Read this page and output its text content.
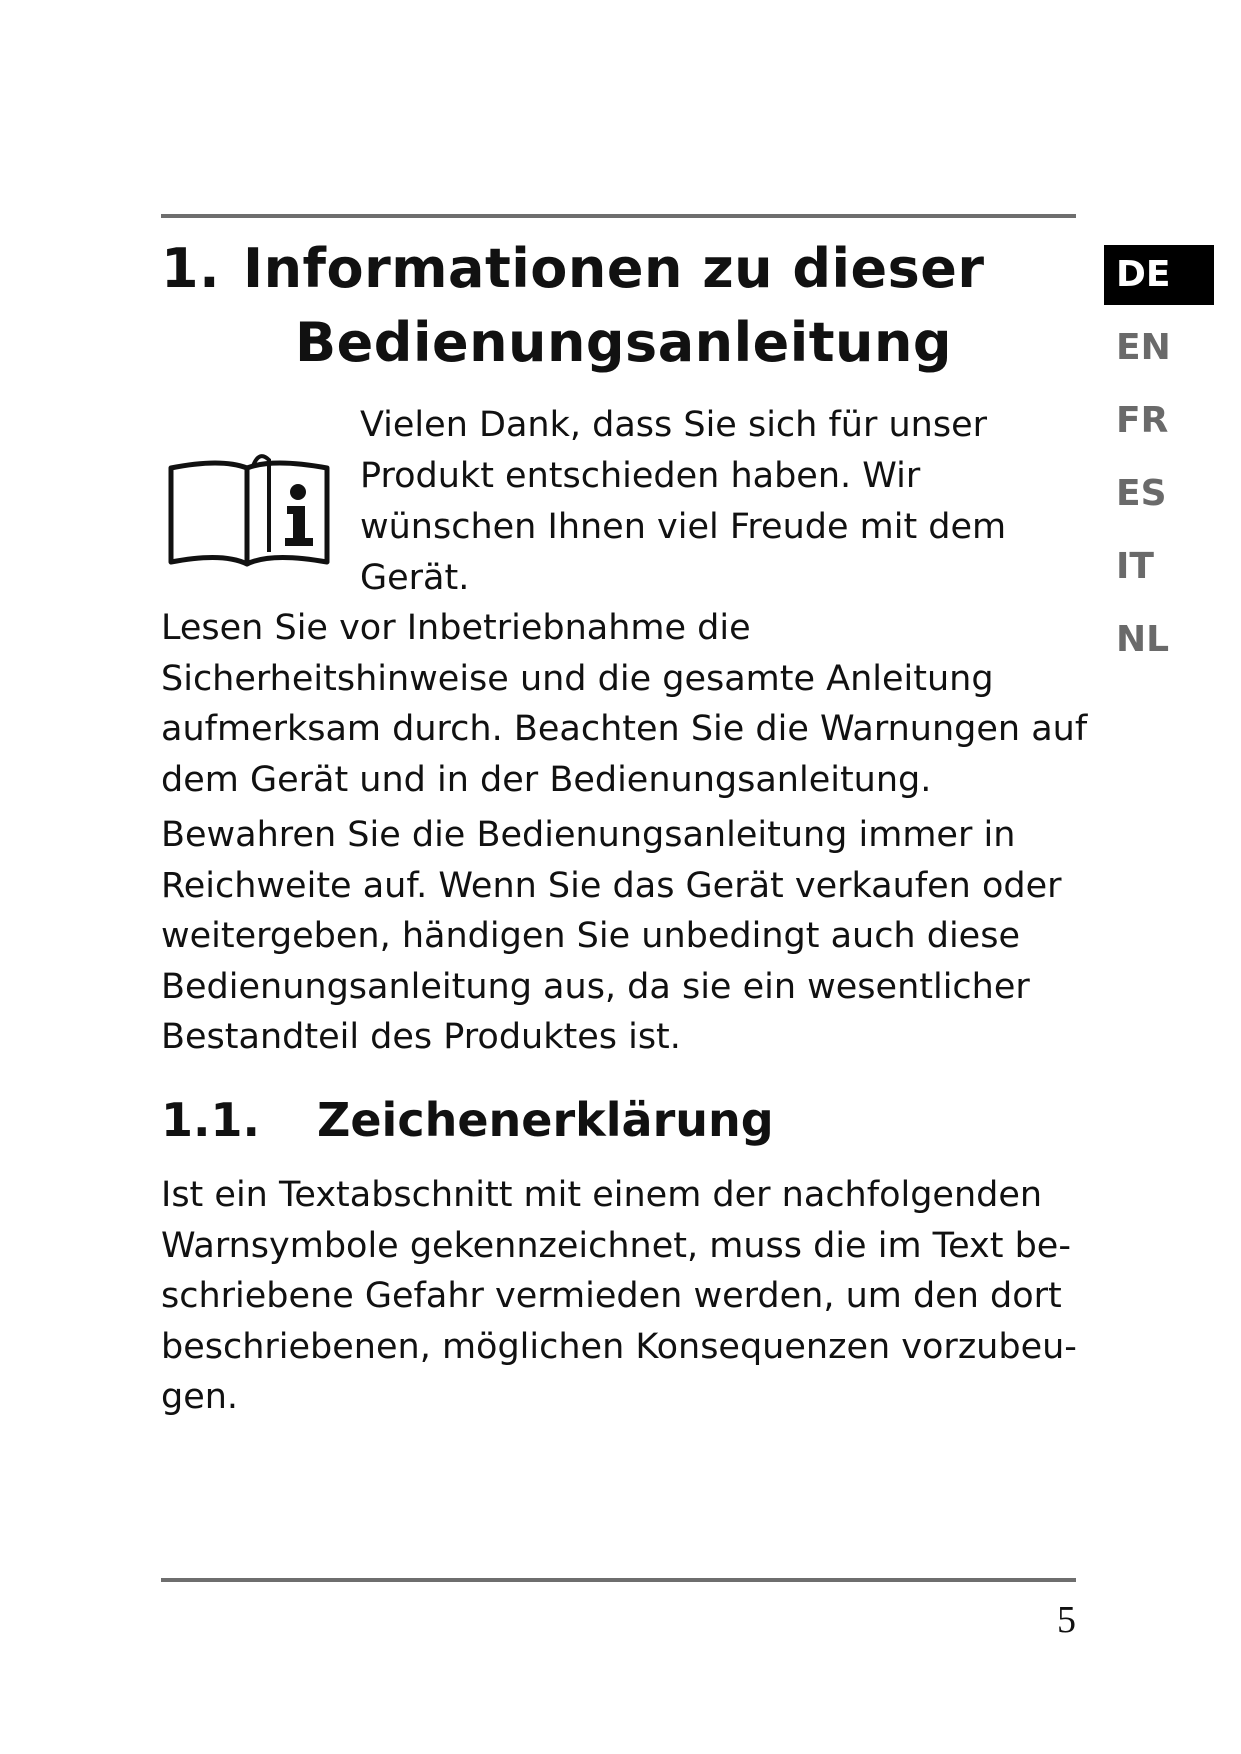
1. Informationen zu dieser
Bedienungsanleitung
Vielen Dank, dass Sie sich für unser
Produkt entschieden haben. Wir
wünschen Ihnen viel Freude mit dem
Gerät.
Lesen Sie vor Inbetriebnahme die
Sicherheitshinweise und die gesamte Anleitung
aufmerksam durch. Beachten Sie die Warnungen auf
dem Gerät und in der Bedienungsanleitung.
Bewahren Sie die Bedienungsanleitung immer in
Reichweite auf. Wenn Sie das Gerät verkaufen oder
weitergeben, händigen Sie unbedingt auch diese
Bedienungsanleitung aus, da sie ein wesentlicher
Bestandteil des Produktes ist.
1.1. Zeichenerklärung
Ist ein Textabschnitt mit einem der nachfolgenden
Warnsymbole gekennzeichnet, muss die im Text be-
schriebene Gefahr vermieden werden, um den dort
beschriebenen, möglichen Konsequenzen vorzubeu-
gen.
DE
EN
FR
ES
IT
NL
5
